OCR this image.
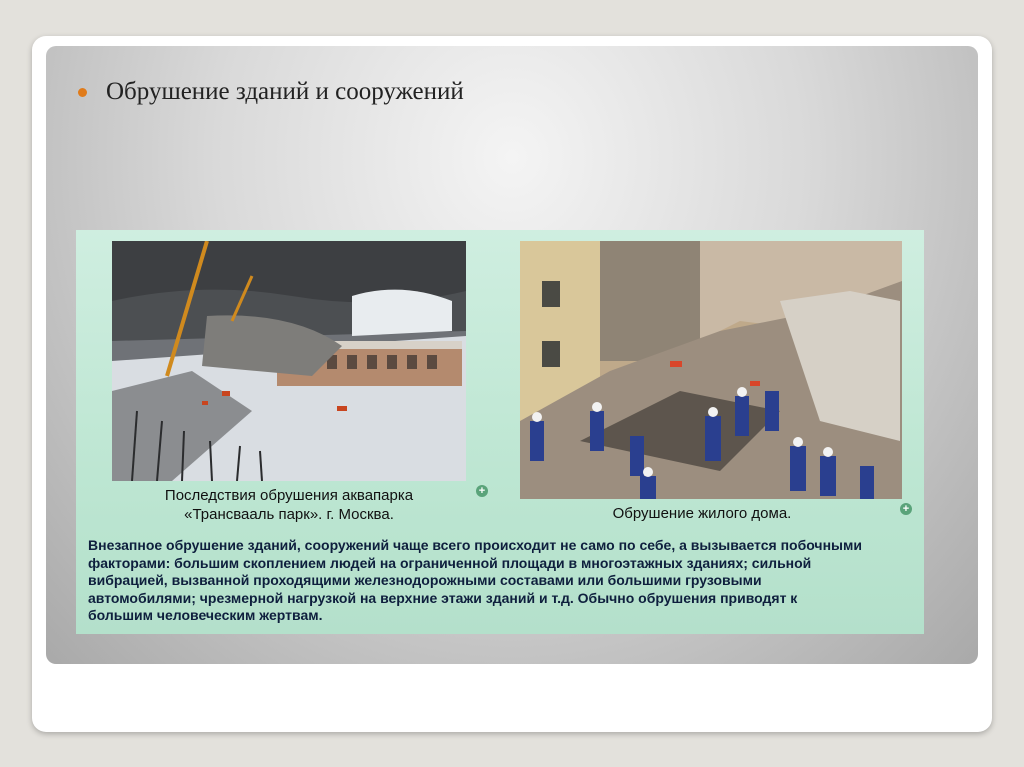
Обрушение зданий и сооружений
Последствия обрушения аквапарка
«Трансвааль парк». г. Москва.	Обрушение жилого дома.
+
+
Внезапное обрушение зданий, сооружений чаще всего происходит не само по себе, а вызывается побочными
факторами: большим скоплением людей на ограниченной площади в многоэтажных зданиях; сильной
вибрацией, вызванной проходящими железнодорожными составами или большими грузовыми
автомобилями; чрезмерной нагрузкой на верхние этажи зданий и т.д. Обычно обрушения приводят к
большим человеческим жертвам.
